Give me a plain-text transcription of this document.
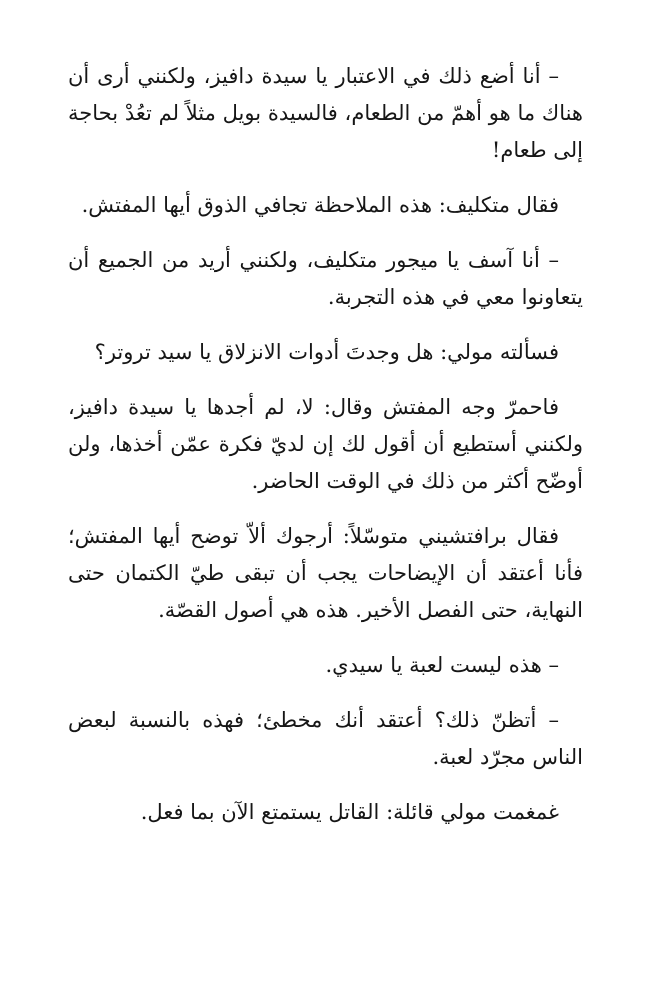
– أنا أضع ذلك في الاعتبار يا سيدة دافيز، ولكنني أرى أن هناك ما هو أهمّ من الطعام، فالسيدة بويل مثلاً لم تعُدْ بحاجة إلى طعام!

فقال متكليف: هذه الملاحظة تجافي الذوق أيها المفتش.

– أنا آسف يا ميجور متكليف، ولكنني أريد من الجميع أن يتعاونوا معي في هذه التجربة.

فسألته مولي: هل وجدتَ أدوات الانزلاق يا سيد تروتر؟

فاحمرّ وجه المفتش وقال: لا، لم أجدها يا سيدة دافيز، ولكنني أستطيع أن أقول لك إن لديّ فكرة عمّن أخذها، ولن أوضّح أكثر من ذلك في الوقت الحاضر.

فقال برافتشيني متوسّلاً: أرجوك ألاّ توضح أيها المفتش؛ فأنا أعتقد أن الإيضاحات يجب أن تبقى طيّ الكتمان حتى النهاية، حتى الفصل الأخير. هذه هي أصول القصّة.

– هذه ليست لعبة يا سيدي.

– أتظنّ ذلك؟ أعتقد أنك مخطئ؛ فهذه بالنسبة لبعض الناس مجرّد لعبة.

غمغمت مولي قائلة: القاتل يستمتع الآن بما فعل.
